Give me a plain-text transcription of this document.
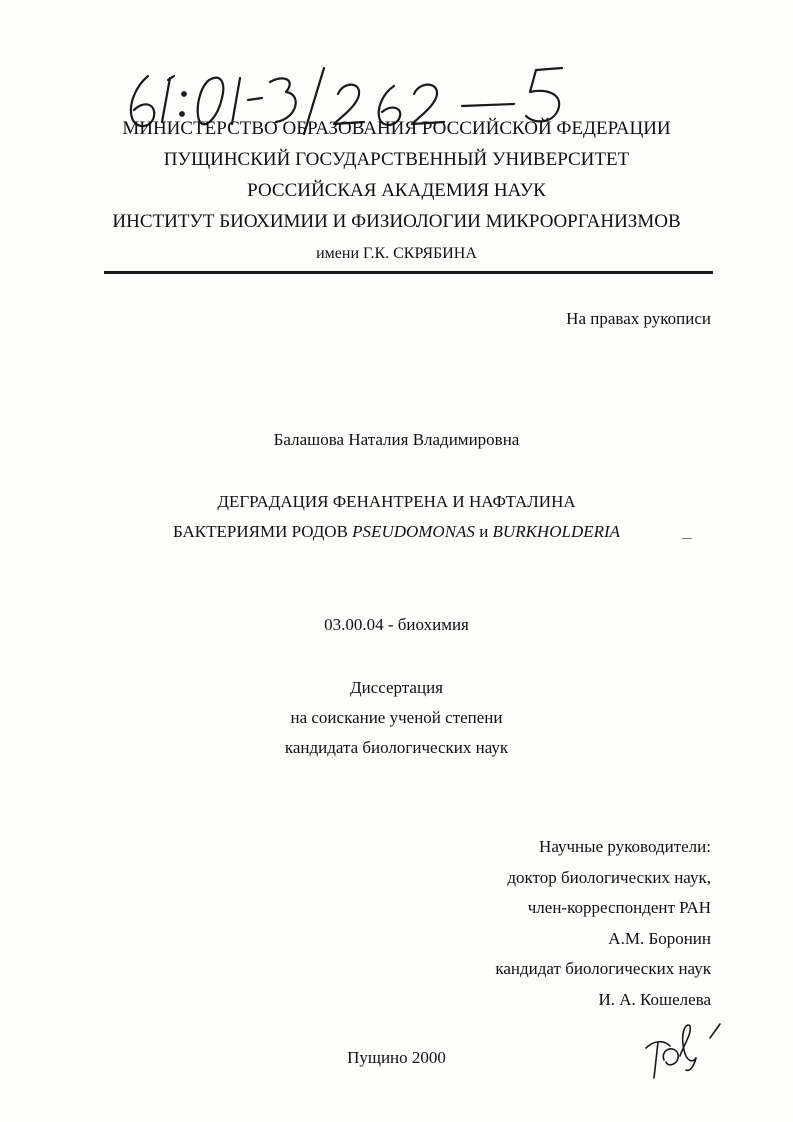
МИНИСТЕРСТВО ОБРАЗОВАНИЯ РОССИЙСКОЙ ФЕДЕРАЦИИ
ПУЩИНСКИЙ ГОСУДАРСТВЕННЫЙ УНИВЕРСИТЕТ
РОССИЙСКАЯ АКАДЕМИЯ НАУК
ИНСТИТУТ БИОХИМИИ И ФИЗИОЛОГИИ МИКРООРГАНИЗМОВ
имени Г.К. СКРЯБИНА
На правах рукописи
Балашова Наталия Владимировна
ДЕГРАДАЦИЯ ФЕНАНТРЕНА И НАФТАЛИНА
БАКТЕРИЯМИ РОДОВ PSEUDOMONAS и BURKHOLDERIA
03.00.04 - биохимия
Диссертация
на соискание ученой степени
кандидата биологических наук
Научные руководители:
доктор биологических наук,
член-корреспондент РАН
А.М. Боронин
кандидат биологических наук
И. А. Кошелева
Пущино 2000
